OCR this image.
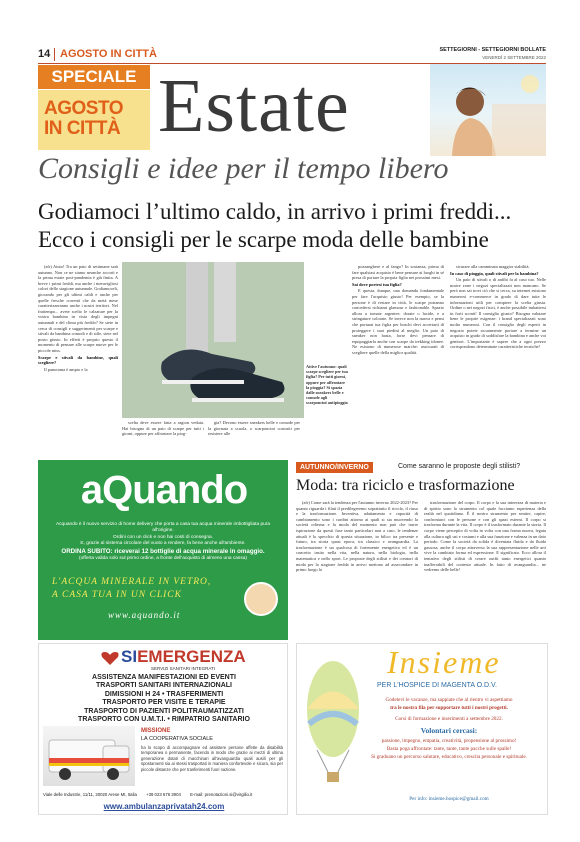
14 AGOSTO IN CITTÀ	SETTEGIORNI - SETTEGIORNI BOLLATE
VENERDÌ 2 SETTEMBRE 2022
SPECIALE
AGOSTO
IN CITTÀ Estate
Consigli e idee per il tempo libero
Godiamoci l’ultimo caldo, in arrivo i primi freddi...
Ecco i consigli per le scarpe moda delle bambine

(afr) Aiuto! Tra un paio di settimane sarà autunno. Non ce ne siamo neanche accorti e la prima estate post-pandemia è già finita. A breve i primi freddi, ma anche i meravigliosi colori dello stagione autunnale. Godiamoceli, giocando per gli ultimi caldi e anche per quelle fresche correnti che da metà mese caratterizzeranno anche i nostri territori. Nel frattempo... avete scelto le calzature per la vostra bambina in vista degli impegni autunnali e del clima più freddo? Se siete in cerca di consigli e suggerimenti per scarpe e stivali da bambina comodi e di stile, siete nel posto giusto. In effetti è proprio questo il momento di pensare alle scarpe nuove per le piccole miss.

Scarpe e stivali da bambine, quali scegliere?

Il panorama è ampio e la

Attive l'autunno: quali scarpe scegliere per tua figlia? Per tutti giorni, oppure per affrontare la pioggia? Si spazia dalle sneakers belle e comode agli scarponcini antipioggia

scelta deve essere fatta a ragion veduta. Hai bisogno di un paio di scarpe per tutti i giorni, oppure per affrontare la piog-

gia? Devono essere sneakers belle e comode per la giornata a scuola, o scarponcini costruiti per resistere alle

pozzanghere e al fango? In sostanza, prima di fare qualsiasi acquisto è bene pensare ai luoghi in sé presa di portare la propria figlia nei prossimi mesi.

Sai dove portesi tua figlia?

E questa, dunque, una domanda fondamentale per fare l'acquisto giusto! Per esempio, se la persone è di restare in città, le scarpe potranno concedersi richiami glamour e fashionable. Spazio allora a tomaie argentee, dorate o lucide, e a stringature colorate. Se invece non la nuova e pensi che portarai tua figlia per boschi devi accertarti di proteggere i suoi piedini al meglio. Un paio di sneaker non basta, forse devi pensare di equipaggiarla anche con scarpe da trekking idonee. Ne esistono di numerose marche: assicurati di scegliere quelle della miglior qualità.

sicurare alla camminata maggior stabilità.

In caso di pioggia, quali stivali per la bambina?

Un paio di stivali o di anfibi fa al caso tuo. Nelle nostre zone i negozi specializzati non mancano. Se però non sai trovi ciò che si cerca, su internet esistono numerosi e-commerce in grado di dare tutte le informazioni utili per compiere la scelta giusta. Ordine o nei negozi fisici, è anche possibile imbattersi in forti sconti! Il consiglio giusto? Bisogna valutare bene le proprie esigenze: i brand specializzati sono molto numerosi. Con il consiglio degli esperti in negozio potete sicuramente portare a termine un acquisto in grado di soddisfare la bambina e anche voi genitori. L'importante è sapere che a ogni prezzo corrispondono determinate caratteristiche tecniche!

aQuando
Acquando è il nuovo servizio di home delivery che porta a casa tua acqua minerale imbottigliata pura all'origine.
Ordini con un click e non hai costi di consegna.
E, grazie al sistema circolare del vuoto a rendere, fa bene anche all'ambiente.
ORDINA SUBITO: riceverai 12 bottiglie di acqua minerale in omaggio.
(offerta valida solo sul primo ordine, a fronte dell'acquisto di almeno una cassa)
L'ACQUA MINERALE IN VETRO,
A CASA TUA IN UN CLICK
www.aquando.it
AUTUNNO/INVERNO	Come saranno le proposte degli stilisti?
Moda: tra riciclo e trasformazione

(afr) Come sarà la tendenza per l'autunno inverno 2022-2023? Per quanto riguarda i filati il predilegeremo soprattutto il riciclo, il riuso e la trasformazione. Inventiva, adattamento e capacità di cambiamento sono i cardini attorno ai quali si sta muovendo la società odierna e la moda del momento non può che trarre ispirazione da questi fuse tanto particolari non a caso, le tendenze attuali è lo specchio di questa situazione, in bilico tra presente e futuro, tra storia quasi epoca, tra classico e avanguardia. La trasformazione è un qualcosa di fortemente energetico ed è un concetto insito nella vita, nella natura, nella biologia, nella matematica e nello sport. Le proposte degli stilisti e dei creatori di moda per la stagione fredda in arrivo mettono ad assecondare in primo luogo la

trasformazione del corpo. Il corpo e la sua interezza di materia e di spirito sono lo strumento col quale facciamo esperienza della realtà nel quotidiano. È il nostro strumento per sentire, capire, confrontarci con le persone e con gli spazi esterni. Il corpo si trasforma durante la vita. Il corpo è il trasformato durante la storia. Il corpo viene percepito di volta in volta con una forma nuova, legata alla cultura agli usi e costumi e alla sua funzione e valenza in un dato periodo. Come la società da solida è diventata fluida e da fluida gassosa, anche il corpo attraverso la sua rappresentazione nelle arti vive la cambiato forma ed espressione. E significato. Ecco allora il tentativo degli stilisti di creare outfit tanto energetici quanto inafferrabili del contesto attuale. In fatto di avanguardia... ne vedremo delle belle!

SIEMERGENZA
SERVIZI SANITARI INTEGRATI
ASSISTENZA MANIFESTAZIONI ED EVENTI
TRASPORTI SANITARI INTERNAZIONALI
DIMISSIONI H 24 • TRASFERIMENTI
TRASPORTO PER VISITE E TERAPIE
TRASPORTO DI PAZIENTI POLITRAUMATIZZATI
TRASPORTO CON U.M.T.I. • RIMPATRIO SANITARIO
MISSIONE
LA COOPERATIVA SOCIALE
ha lo scopo di accompagnare ed assistere persone affette da disabilità temporanea o permanente, facendo in modo che grazie ai mezzi di ultima generazione dotati di macchinari all'avanguardia quali ausili per gli spostamenti sia ai stessi trasportati in maniera confortevole e sicura, sia per piccole distanze che per trasferimenti fuori nazione.
Viale delle Industrie, 11/11, 20020 Arese MI, Italia +39 023 676 3904 E-mail: prenotazioni.si@virgilio.it
www.ambulanzaprivatah24.com
Insieme
PER L'HOSPICE DI MAGENTA O.D.V.
Godetevi le vacanze, ma sappiate che al rientro vi aspettiamo
tra le nostra fila per supportare tutti i nostri progetti.
Corsi di formazione e inserimenti a settembre 2022.
Volontari cercasi:
passione, impegno, empatia, creatività, propensione al prossimo!
Basta poga affrontate: tante, tante, tante pacche sulle spalle!
Si graduano un percorso salutare, educativo, crescita personale e spirituale.
Per info: insieme.hospice@gmail.com
